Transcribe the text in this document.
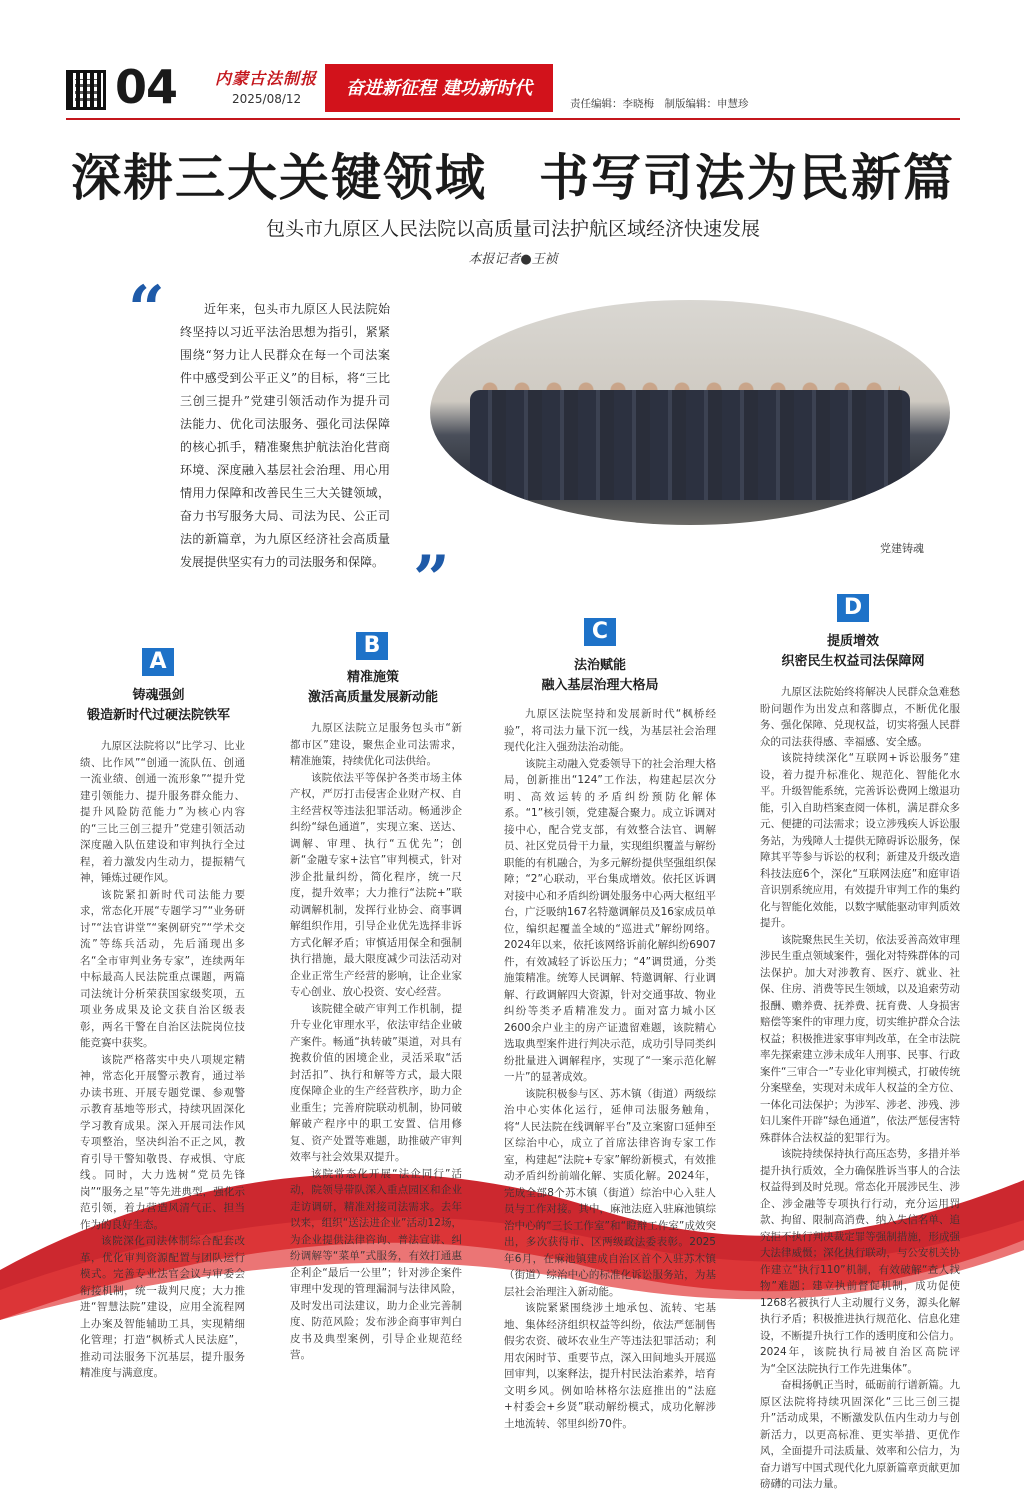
04 内蒙古法制报
2025/08/12	奋进新征程 建功新时代
责任编辑：李晓梅　制版编辑：申慧珍
深耕三大关键领域　书写司法为民新篇
包头市九原区人民法院以高质量司法护航区域经济快速发展
本报记者●王祯
“	近年来，包头市九原区人民法院始终坚持以习近平法治思想为指引，紧紧围绕“努力让人民群众在每一个司法案件中感受到公平正义”的目标，将“三比三创三提升”党建引领活动作为提升司法能力、优化司法服务、强化司法保障的核心抓手，精准聚焦护航法治化营商环境、深度融入基层社会治理、用心用情用力保障和改善民生三大关键领域，奋力书写服务大局、司法为民、公正司法的新篇章，为九原区经济社会高质量发展提供坚实有力的司法服务和保障。 ”	党建铸魂
A
铸魂强剑
锻造新时代过硬法院铁军

九原区法院将以“比学习、比业绩、比作风”“创通一流队伍、创通一流业绩、创通一流形象”“提升党建引领能力、提升服务群众能力、提升风险防范能力”为核心内容的“三比三创三提升”党建引领活动深度融入队伍建设和审判执行全过程，着力激发内生动力，提振精气神，锤炼过硬作风。

该院紧扣新时代司法能力要求，常态化开展“专题学习”“业务研讨”“法官讲堂”“案例研究”“学术交流”等练兵活动，先后涌现出多名“全市审判业务专家”，连续两年中标最高人民法院重点课题，两篇司法统计分析荣获国家级奖项，五项业务成果及论文获自治区级表彰，两名干警在自治区法院岗位技能竞赛中获奖。

该院严格落实中央八项规定精神，常态化开展警示教育，通过举办读书班、开展专题党课、参观警示教育基地等形式，持续巩固深化学习教育成果。深入开展司法作风专项整治，坚决纠治不正之风，教育引导干警知敬畏、存戒惧、守底线。同时，大力选树“党员先锋岗”“服务之星”等先进典型，强化示范引领，着力营造风清气正、担当作为的良好生态。

该院深化司法体制综合配套改革，优化审判资源配置与团队运行模式。完善专业法官会议与审委会衔接机制，统一裁判尺度；大力推进“智慧法院”建设，应用全流程网上办案及智能辅助工具，实现精细化管理；打造“枫桥式人民法庭”，推动司法服务下沉基层，提升服务精准度与满意度。

B
精准施策
激活高质量发展新动能

九原区法院立足服务包头市“新都市区”建设，聚焦企业司法需求，精准施策，持续优化司法供给。

该院依法平等保护各类市场主体产权，严厉打击侵害企业财产权、自主经营权等违法犯罪活动。畅通涉企纠纷“绿色通道”，实现立案、送达、调解、审理、执行“五优先”；创新“金融专家+法官”审判模式，针对涉企批量纠纷，简化程序，统一尺度，提升效率；大力推行“法院+”联动调解机制，发挥行业协会、商事调解组织作用，引导企业优先选择非诉方式化解矛盾；审慎适用保全和强制执行措施，最大限度减少司法活动对企业正常生产经营的影响，让企业家专心创业、放心投资、安心经营。

该院健全破产审判工作机制，提升专业化审理水平，依法审结企业破产案件。畅通“执转破”渠道，对具有挽救价值的困境企业，灵活采取“活封活扣”、执行和解等方式，最大限度保障企业的生产经营秩序，助力企业重生；完善府院联动机制，协同破解破产程序中的职工安置、信用修复、资产处置等难题，助推破产审判效率与社会效果双提升。

该院常态化开展“法企同行”活动，院领导带队深入重点园区和企业走访调研，精准对接司法需求。去年以来，组织“送法进企业”活动12场，为企业提供法律咨询、普法宣讲、纠纷调解等“菜单”式服务，有效打通惠企利企“最后一公里”；针对涉企案件审理中发现的管理漏洞与法律风险，及时发出司法建议，助力企业完善制度、防范风险；发布涉企商事审判白皮书及典型案例，引导企业规范经营。

C
法治赋能
融入基层治理大格局

九原区法院坚持和发展新时代“枫桥经验”，将司法力量下沉一线，为基层社会治理现代化注入强劲法治动能。

该院主动融入党委领导下的社会治理大格局，创新推出“124”工作法，构建起层次分明、高效运转的矛盾纠纷预防化解体系。“1”核引领，党建凝合聚力。成立诉调对接中心，配合党支部，有效整合法官、调解员、社区党员骨干力量，实现组织覆盖与解纷职能的有机融合，为多元解纷提供坚强组织保障；“2”心联动，平台集成增效。依托区诉调对接中心和矛盾纠纷调处服务中心两大枢纽平台，广泛吸纳167名特邀调解员及16家成员单位，编织起覆盖全域的“巡进式”解纷网络。2024年以来，依托该网络诉前化解纠纷6907件，有效减轻了诉讼压力；“4”调贯通，分类施策精准。统筹人民调解、特邀调解、行业调解、行政调解四大资源，针对交通事故、物业纠纷等类矛盾精准发力。面对富力城小区2600余户业主的房产证遗留难题，该院精心选取典型案件进行判决示范，成功引导同类纠纷批量进入调解程序，实现了“一案示范化解一片”的显著成效。

该院积极参与区、苏木镇（街道）两级综治中心实体化运行，延伸司法服务触角，将“人民法院在线调解平台”及立案窗口延伸至区综治中心，成立了首席法律咨询专家工作室，构建起“法院+专家”解纷新模式，有效推动矛盾纠纷前端化解、实质化解。2024年，完成全部8个苏木镇（街道）综治中心入驻人员与工作对接。其中，麻池法庭入驻麻池镇综治中心的“三长工作室”和“瞪辩工作室”成效突出，多次获得市、区两级政法委表彰。2025年6月，在麻池镇建成自治区首个入驻苏木镇（街道）综治中心的标准化诉讼服务站，为基层社会治理注入新动能。

该院紧紧围绕涉土地承包、流转、宅基地、集体经济组织权益等纠纷，依法严惩制售假劣农资、破坏农业生产等违法犯罪活动；利用农闲时节、重要节点，深入田间地头开展巡回审判，以案释法，提升村民法治素养，培育文明乡风。例如哈林格尔法庭推出的“法庭+村委会+乡贤”联动解纷模式，成功化解涉土地流转、邻里纠纷70件。

D
提质增效
织密民生权益司法保障网

九原区法院始终将解决人民群众急难愁盼问题作为出发点和落脚点，不断优化服务、强化保障、兑现权益，切实将强人民群众的司法获得感、幸福感、安全感。

该院持续深化“互联网+诉讼服务”建设，着力提升标准化、规范化、智能化水平。升级智能系统，完善诉讼费网上缴退功能，引入自助档案查阅一体机，满足群众多元、便捷的司法需求；设立涉残疾人诉讼服务站，为残障人士提供无障碍诉讼服务，保障其平等参与诉讼的权利；新建及升级改造科技法庭6个，深化“互联网法庭”和庭审语音识别系统应用，有效提升审判工作的集约化与智能化效能，以数字赋能驱动审判质效提升。

该院聚焦民生关切，依法妥善高效审理涉民生重点领域案件，强化对特殊群体的司法保护。加大对涉教育、医疗、就业、社保、住房、消费等民生领域，以及追索劳动报酬、赡养费、抚养费、抚育费、人身损害赔偿等案件的审理力度，切实维护群众合法权益；积极推进家事审判改革，在全市法院率先探索建立涉未成年人刑事、民事、行政案件“三审合一”专业化审判模式，打破传统分案壁垒，实现对未成年人权益的全方位、一体化司法保护；为涉军、涉老、涉残、涉妇儿案件开辟“绿色通道”，依法严惩侵害特殊群体合法权益的犯罪行为。

该院持续保持执行高压态势，多措并举提升执行质效，全力确保胜诉当事人的合法权益得到及时兑现。常态化开展涉民生、涉企、涉金融等专项执行行动，充分运用罚款、拘留、限制高消费、纳入失信名单、追究拒不执行判决裁定罪等强制措施，形成强大法律威慑；深化执行联动，与公安机关协作建立“执行110”机制，有效破解“查人找物”难题；建立执前督促机制，成功促使1268名被执行人主动履行义务，源头化解执行矛盾；积极推进执行规范化、信息化建设，不断提升执行工作的透明度和公信力。2024年，该院执行局被自治区高院评为“全区法院执行工作先进集体”。

奋楫扬帆正当时，砥砺前行谱新篇。九原区法院将持续巩固深化“三比三创三提升”活动成果，不断激发队伍内生动力与创新活力，以更高标准、更实举措、更优作风，全面提升司法质量、效率和公信力，为奋力谱写中国式现代化九原新篇章贡献更加磅礴的司法力量。
